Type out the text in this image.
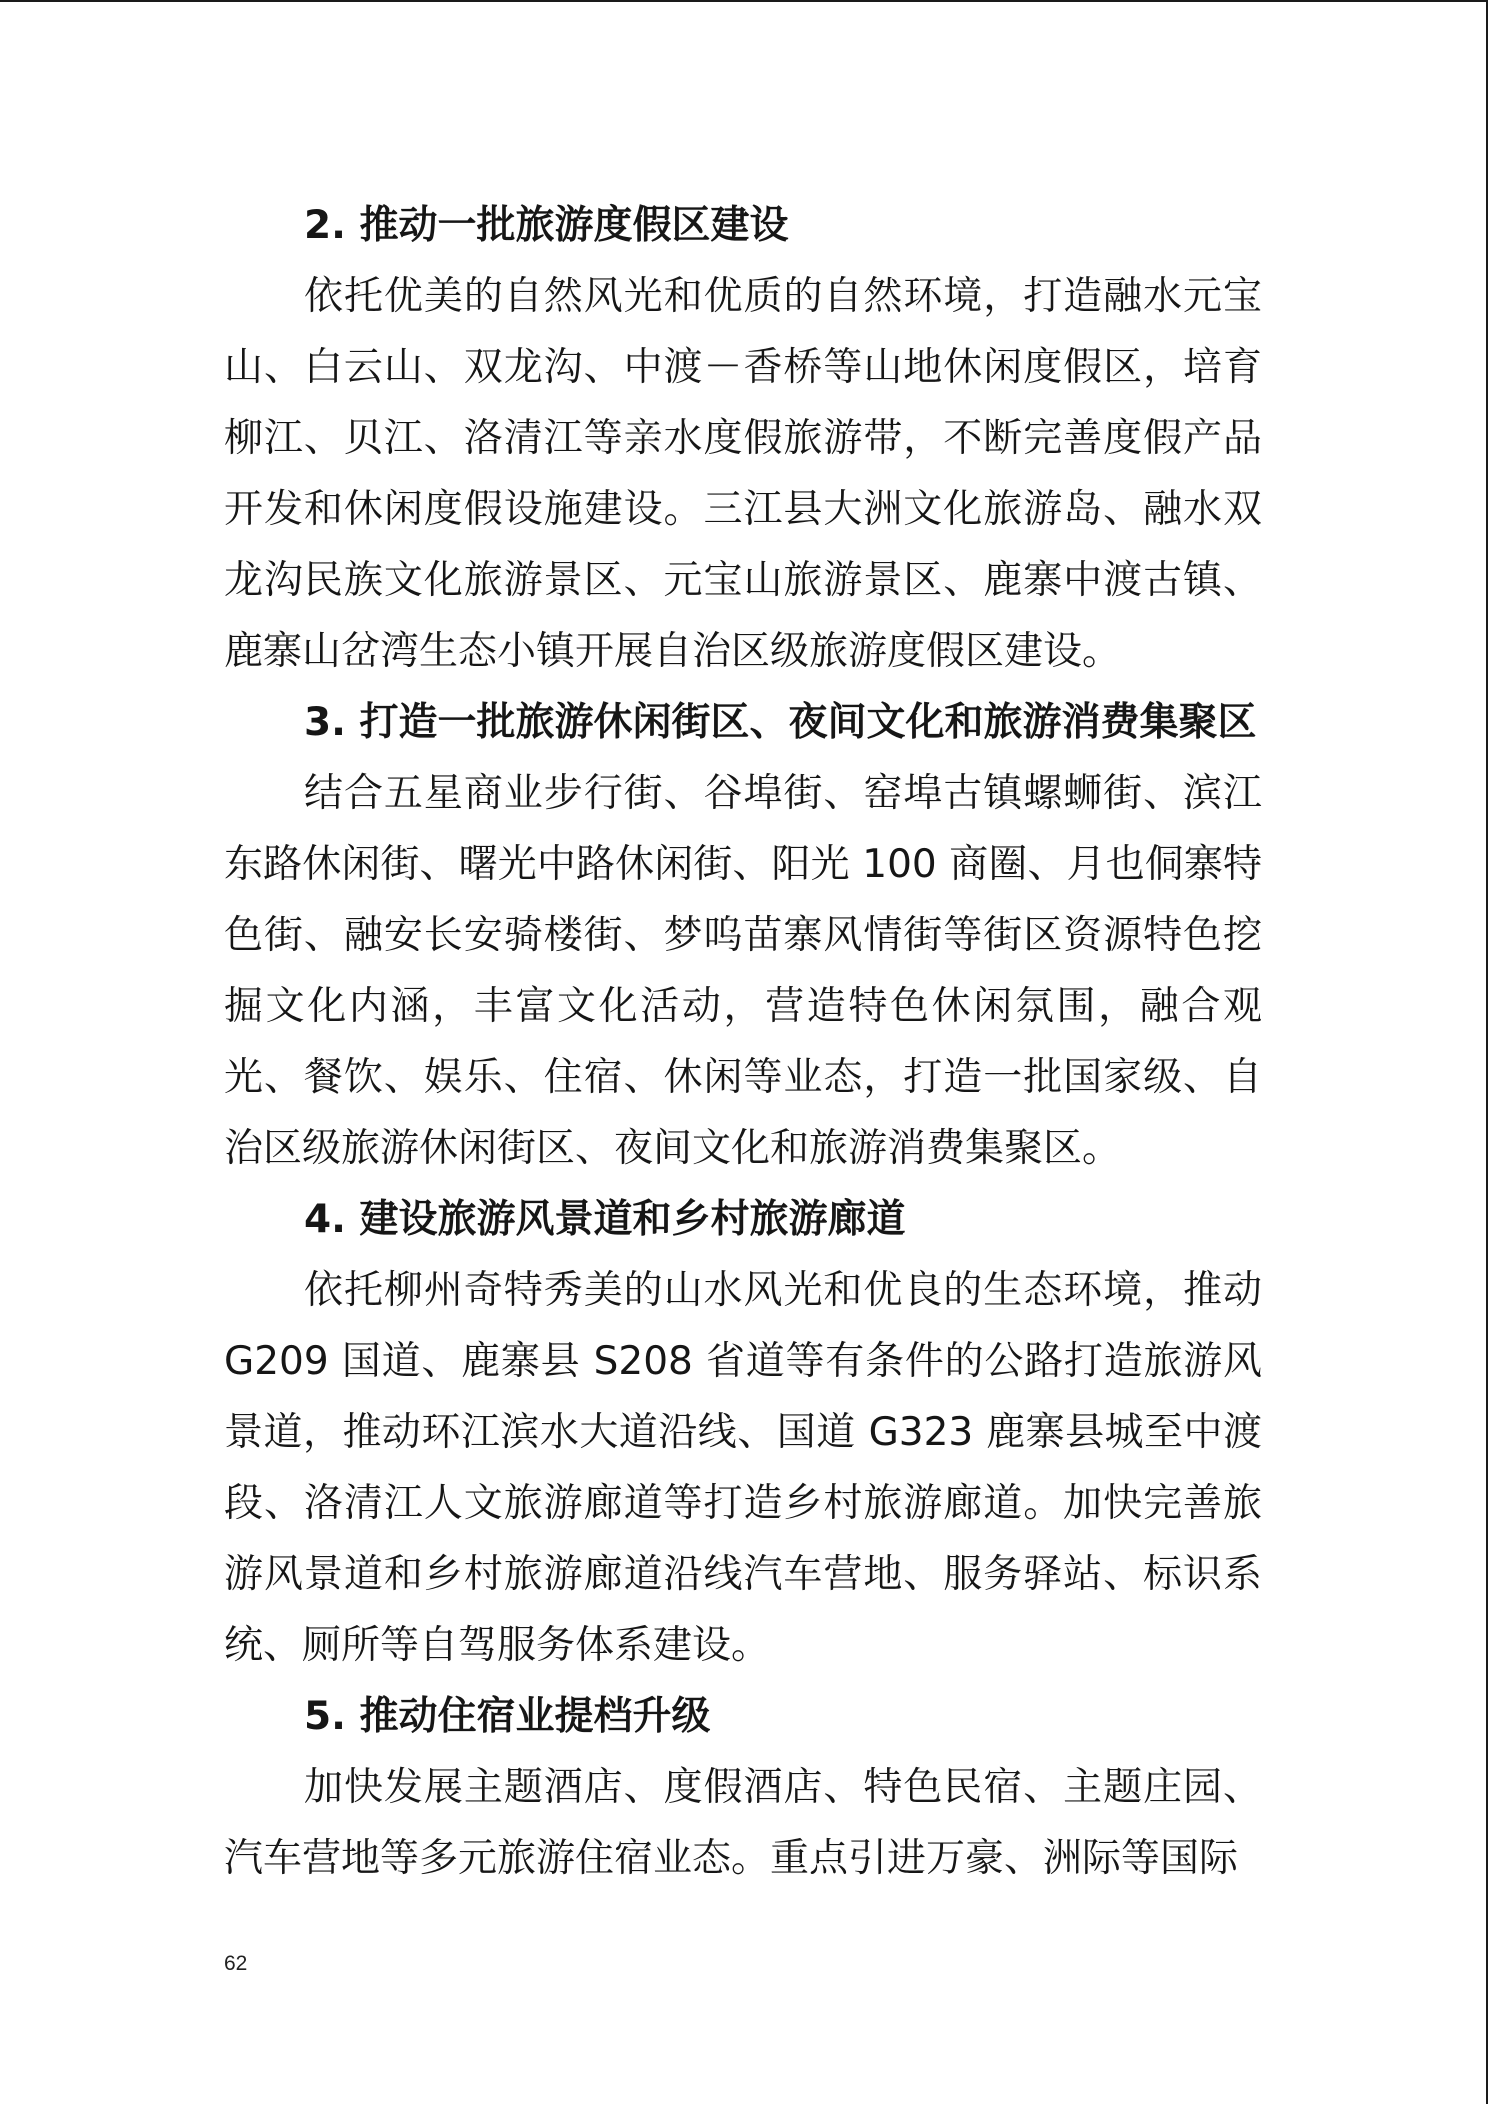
2. 推动一批旅游度假区建设

依托优美的自然风光和优质的自然环境，打造融水元宝山、白云山、双龙沟、中渡－香桥等山地休闲度假区，培育柳江、贝江、洛清江等亲水度假旅游带，不断完善度假产品开发和休闲度假设施建设。三江县大洲文化旅游岛、融水双龙沟民族文化旅游景区、元宝山旅游景区、鹿寨中渡古镇、鹿寨山岔湾生态小镇开展自治区级旅游度假区建设。

3. 打造一批旅游休闲街区、夜间文化和旅游消费集聚区

结合五星商业步行街、谷埠街、窑埠古镇螺蛳街、滨江东路休闲街、曙光中路休闲街、阳光 100 商圈、月也侗寨特色街、融安长安骑楼街、梦呜苗寨风情街等街区资源特色挖掘文化内涵，丰富文化活动，营造特色休闲氛围，融合观光、餐饮、娱乐、住宿、休闲等业态，打造一批国家级、自治区级旅游休闲街区、夜间文化和旅游消费集聚区。

4. 建设旅游风景道和乡村旅游廊道

依托柳州奇特秀美的山水风光和优良的生态环境，推动 G209 国道、鹿寨县 S208 省道等有条件的公路打造旅游风景道，推动环江滨水大道沿线、国道 G323 鹿寨县城至中渡段、洛清江人文旅游廊道等打造乡村旅游廊道。加快完善旅游风景道和乡村旅游廊道沿线汽车营地、服务驿站、标识系统、厕所等自驾服务体系建设。

5. 推动住宿业提档升级

加快发展主题酒店、度假酒店、特色民宿、主题庄园、汽车营地等多元旅游住宿业态。重点引进万豪、洲际等国际

62
